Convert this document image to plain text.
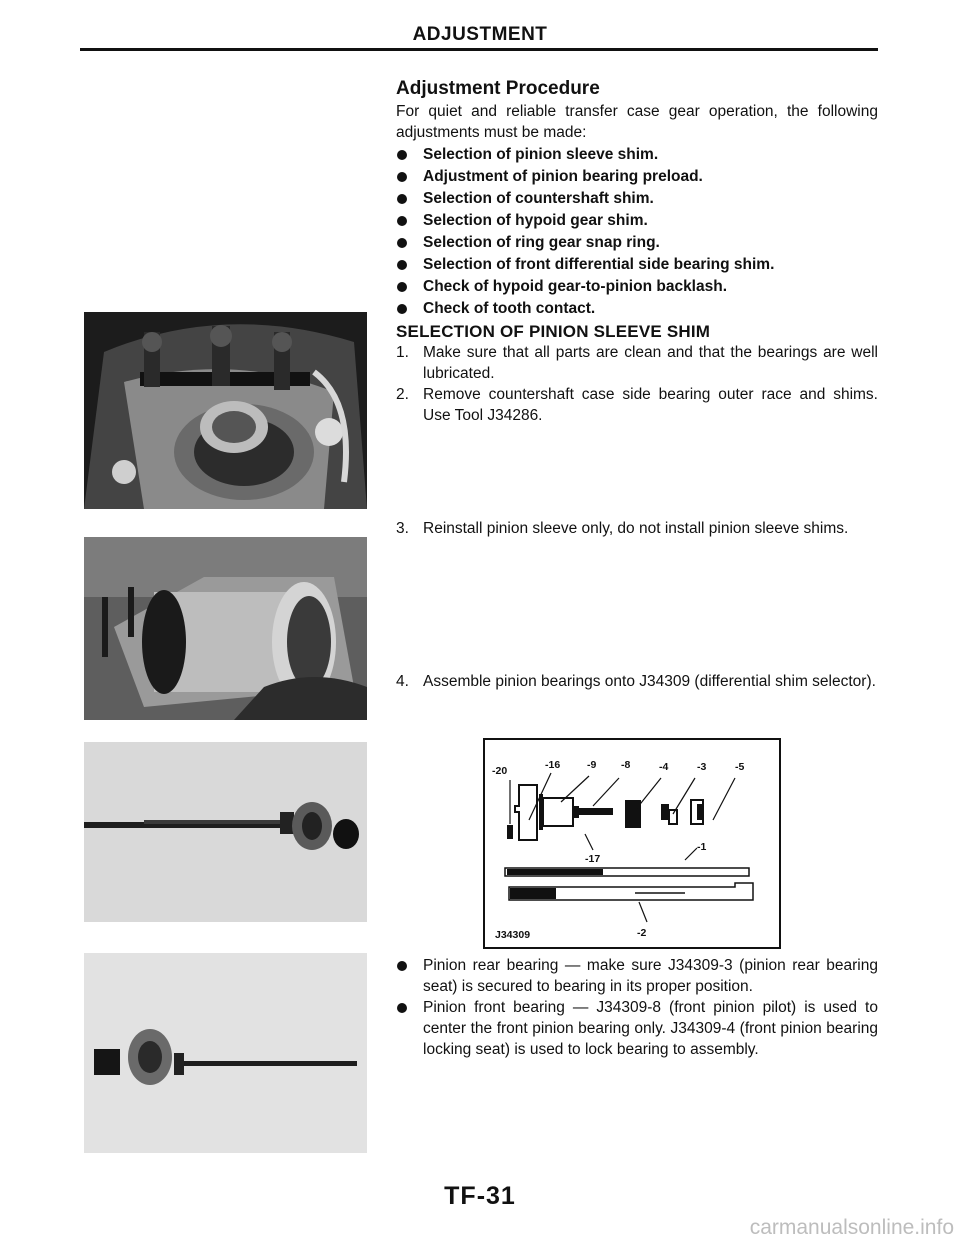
ADJUSTMENT
Adjustment Procedure
For quiet and reliable transfer case gear operation, the following adjustments must be made:
Selection of pinion sleeve shim.
Adjustment of pinion bearing preload.
Selection of countershaft shim.
Selection of hypoid gear shim.
Selection of ring gear snap ring.
Selection of front differential side bearing shim.
Check of hypoid gear-to-pinion backlash.
Check of tooth contact.
SELECTION OF PINION SLEEVE SHIM
1. Make sure that all parts are clean and that the bearings are well lubricated.
2. Remove countershaft case side bearing outer race and shims. Use Tool J34286.
3. Reinstall pinion sleeve only, do not install pinion sleeve shims.
4. Assemble pinion bearings onto J34309 (differential shim selector).
-20	-16	-9 -8	-4	-3	-5
-17
-1
-2
J34309
Pinion rear bearing — make sure J34309-3 (pinion rear bearing seat) is secured to bearing in its proper position.
Pinion front bearing — J34309-8 (front pinion pilot) is used to center the front pinion bearing only. J34309-4 (front pinion bearing locking seat) is used to lock bearing to assembly.
TF-31
carmanualsonline.info
